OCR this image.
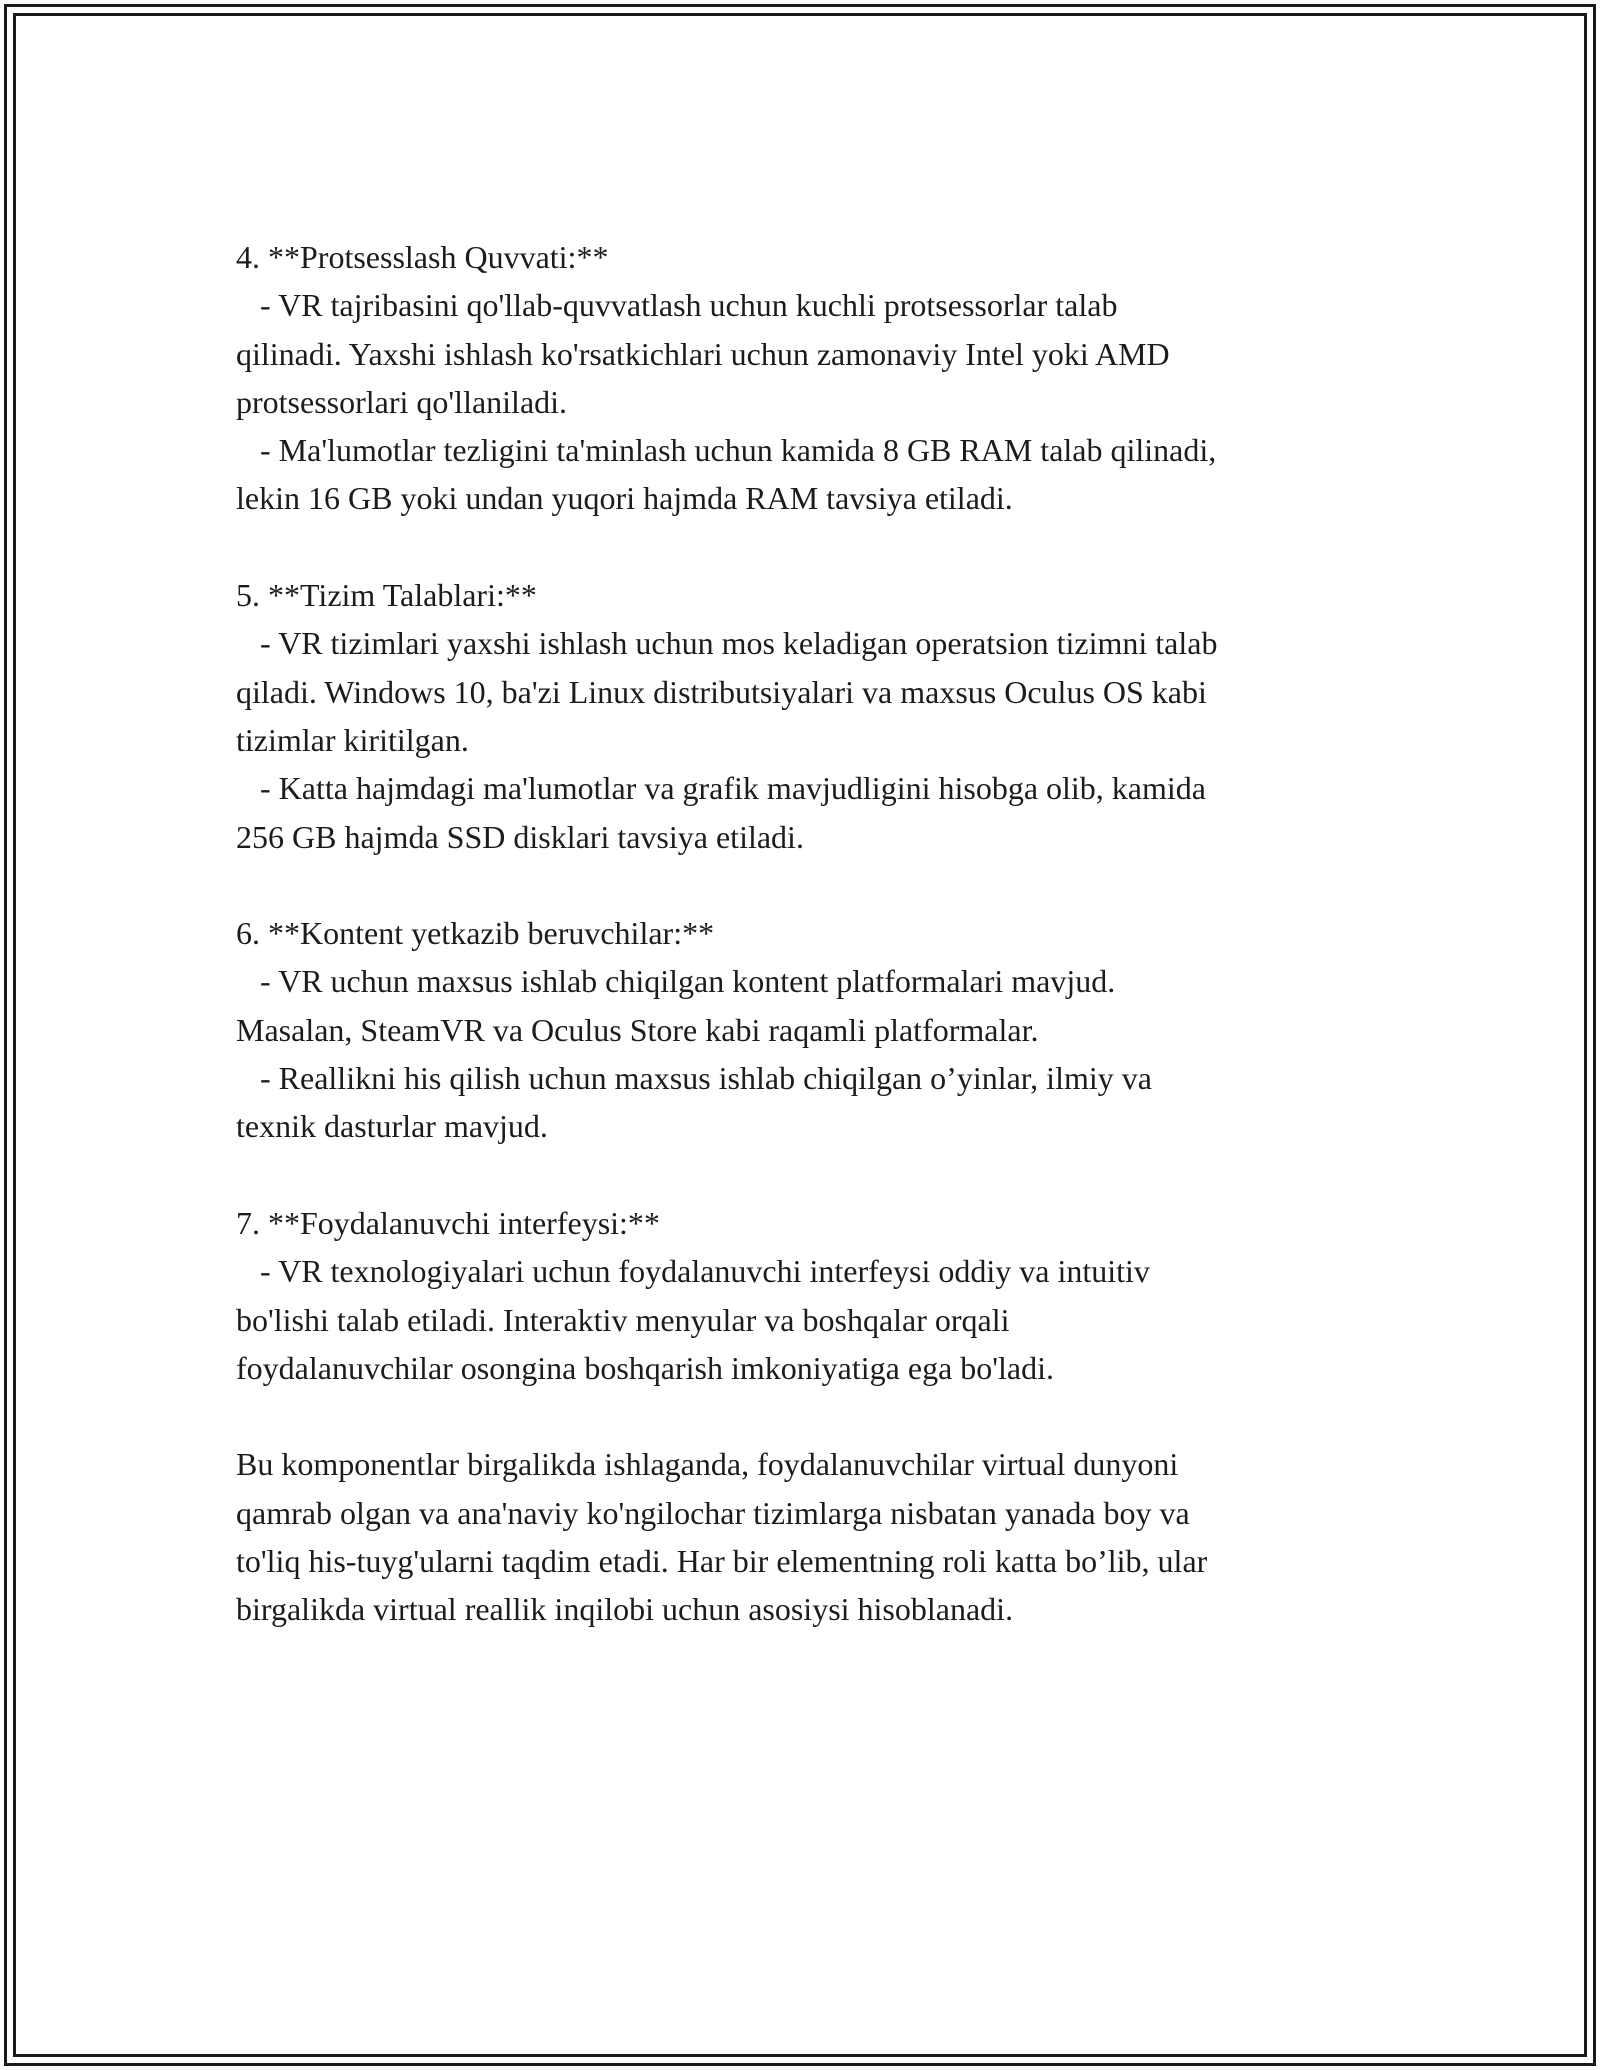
4. **Protsesslash Quvvati:**
- VR tajribasini qo'llab-quvvatlash uchun kuchli protsessorlar talab
qilinadi. Yaxshi ishlash ko'rsatkichlari uchun zamonaviy Intel yoki AMD
protsessorlari qo'llaniladi.
- Ma'lumotlar tezligini ta'minlash uchun kamida 8 GB RAM talab qilinadi,
lekin 16 GB yoki undan yuqori hajmda RAM tavsiya etiladi.
5. **Tizim Talablari:**
- VR tizimlari yaxshi ishlash uchun mos keladigan operatsion tizimni talab
qiladi. Windows 10, ba'zi Linux distributsiyalari va maxsus Oculus OS kabi
tizimlar kiritilgan.
- Katta hajmdagi ma'lumotlar va grafik mavjudligini hisobga olib, kamida
256 GB hajmda SSD disklari tavsiya etiladi.
6. **Kontent yetkazib beruvchilar:**
- VR uchun maxsus ishlab chiqilgan kontent platformalari mavjud.
Masalan, SteamVR va Oculus Store kabi raqamli platformalar.
- Reallikni his qilish uchun maxsus ishlab chiqilgan o’yinlar, ilmiy va
texnik dasturlar mavjud.
7. **Foydalanuvchi interfeysi:**
- VR texnologiyalari uchun foydalanuvchi interfeysi oddiy va intuitiv
bo'lishi talab etiladi. Interaktiv menyular va boshqalar orqali
foydalanuvchilar osongina boshqarish imkoniyatiga ega bo'ladi.
Bu komponentlar birgalikda ishlaganda, foydalanuvchilar virtual dunyoni
qamrab olgan va ana'naviy ko'ngilochar tizimlarga nisbatan yanada boy va
to'liq his-tuyg'ularni taqdim etadi. Har bir elementning roli katta bo’lib, ular
birgalikda virtual reallik inqilobi uchun asosiysi hisoblanadi.
